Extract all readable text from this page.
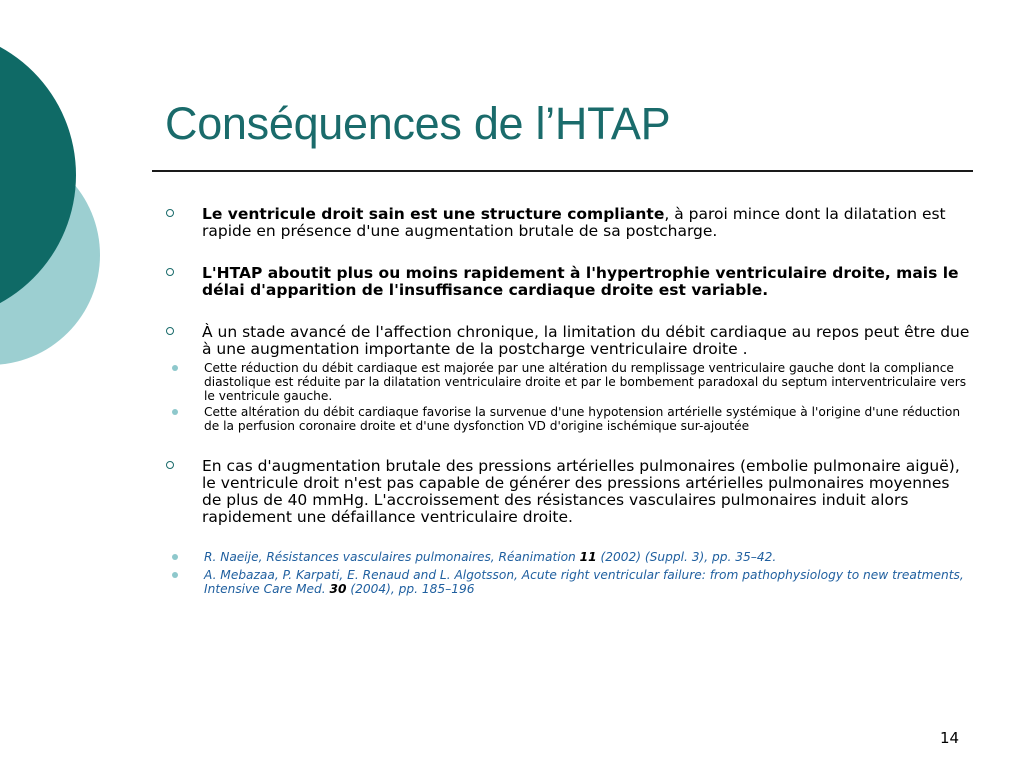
Conséquences de l’HTAP
Le ventricule droit sain est une structure compliante, à paroi mince dont la dilatation est rapide en présence d'une augmentation brutale de sa postcharge.
L'HTAP aboutit plus ou moins rapidement à l'hypertrophie ventriculaire droite, mais le délai d'apparition de l'insuffisance cardiaque droite est variable.
À un stade avancé de l'affection chronique, la limitation du débit cardiaque au repos peut être due à une augmentation importante de la postcharge ventriculaire droite .
Cette réduction du débit cardiaque est majorée par une altération du remplissage ventriculaire gauche dont la compliance diastolique est réduite par la dilatation ventriculaire droite et par le bombement paradoxal du septum interventriculaire vers le ventricule gauche.
Cette altération du débit cardiaque favorise la survenue d'une hypotension artérielle systémique à l'origine d'une réduction de la perfusion coronaire droite et d'une dysfonction VD d'origine ischémique sur-ajoutée
En cas d'augmentation brutale des pressions artérielles pulmonaires (embolie pulmonaire aiguë), le ventricule droit n'est pas capable de générer des pressions artérielles pulmonaires moyennes de plus de 40 mmHg. L'accroissement des résistances vasculaires pulmonaires induit alors rapidement une défaillance ventriculaire droite.
R. Naeije, Résistances vasculaires pulmonaires, Réanimation 11 (2002) (Suppl. 3), pp. 35–42.
A. Mebazaa, P. Karpati, E. Renaud and L. Algotsson, Acute right ventricular failure: from pathophysiology to new treatments, Intensive Care Med. 30 (2004), pp. 185–196
14
